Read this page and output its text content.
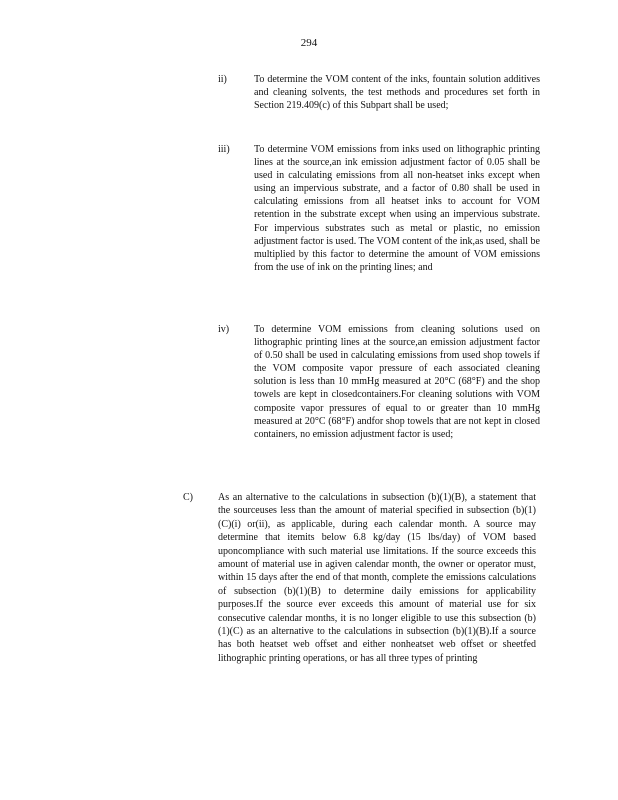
294
ii)	To determine the VOM content of the inks, fountain solution additives and cleaning solvents, the test methods and procedures set forth in Section 219.409(c) of this Subpart shall be used;
iii) To determine VOM emissions from inks used on lithographic printing lines at the source,an ink emission adjustment factor of 0.05 shall be used in calculating emissions from all non-heatset inks except when using an impervious substrate, and a factor of 0.80 shall be used in calculating emissions from all heatset inks to account for VOM retention in the substrate except when using an impervious substrate. For impervious substrates such as metal or plastic, no emission adjustment factor is used. The VOM content of the ink,as used, shall be multiplied by this factor to determine the amount of VOM emissions from the use of ink on the printing lines; and
iv) To determine VOM emissions from cleaning solutions used on lithographic printing lines at the source,an emission adjustment factor of 0.50 shall be used in calculating emissions from used shop towels if the VOM composite vapor pressure of each associated cleaning solution is less than 10 mmHg measured at 20°C (68°F) and the shop towels are kept in closedcontainers.For cleaning solutions with VOM composite vapor pressures of equal to or greater than 10 mmHg measured at 20°C (68°F) andfor shop towels that are not kept in closed containers, no emission adjustment factor is used;
C)	As an alternative to the calculations in subsection (b)(1)(B), a statement that the sourceuses less than the amount of material specified in subsection (b)(1)(C)(i) or(ii), as applicable, during each calendar month. A source may determine that itemits below 6.8 kg/day (15 lbs/day) of VOM based uponcompliance with such material use limitations. If the source exceeds this amount of material use in agiven calendar month, the owner or operator must, within 15 days after the end of that month, complete the emissions calculations of subsection (b)(1)(B) to determine daily emissions for applicability purposes.If the source ever exceeds this amount of material use for six consecutive calendar months, it is no longer eligible to use this subsection (b)(1)(C) as an alternative to the calculations in subsection (b)(1)(B).If a source has both heatset web offset and either nonheatset web offset or sheetfed lithographic printing operations, or has all three types of printing
